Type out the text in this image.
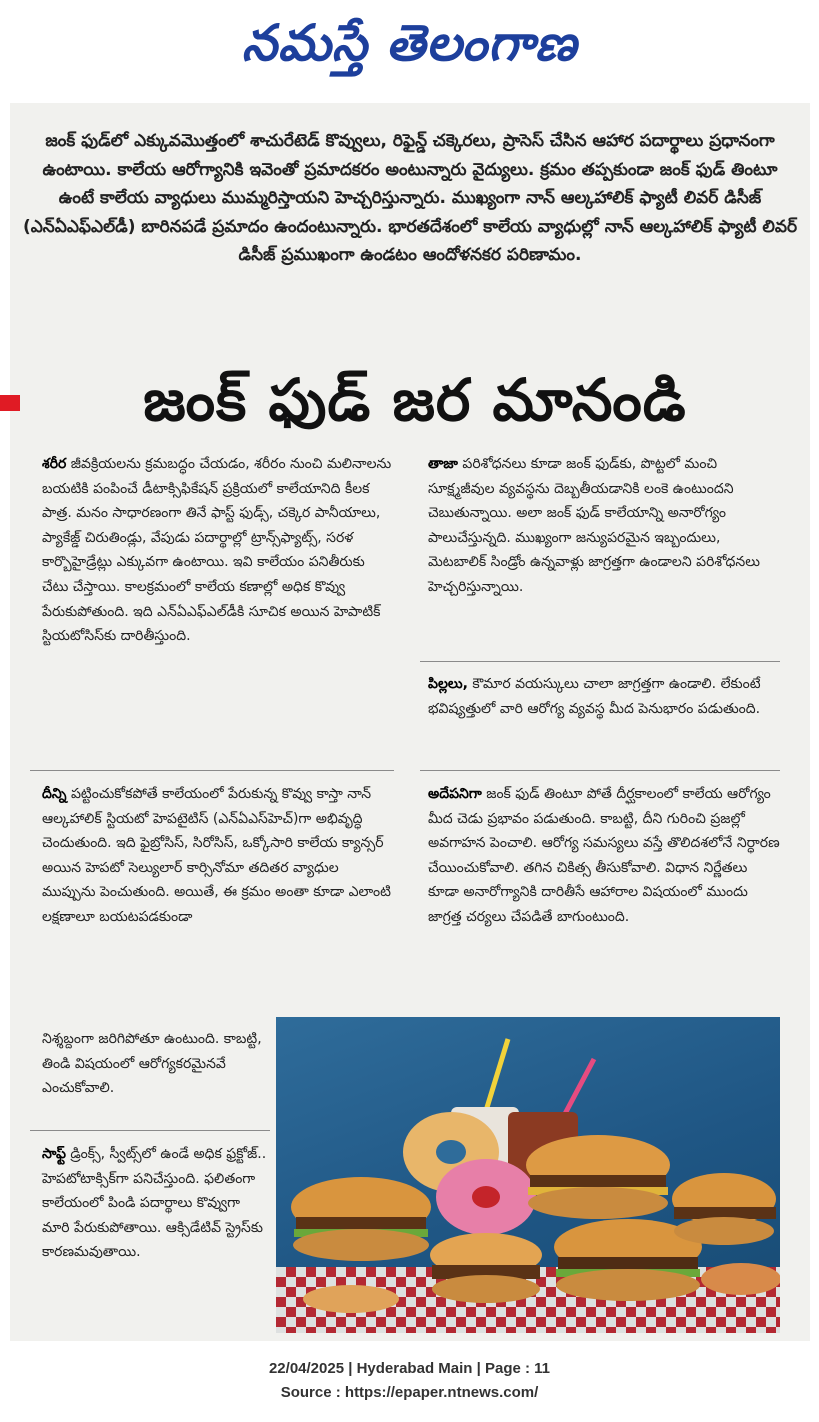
నమస్తే తెలంగాణ
జంక్ ఫుడ్‌లో ఎక్కువమొత్తంలో శాచురేటెడ్ కొవ్వులు, రిఫైన్డ్ చక్కెరలు, ప్రాసెస్ చేసిన ఆహార పదార్థాలు ప్రధానంగా ఉంటాయి. కాలేయ ఆరోగ్యానికి ఇవెంతో ప్రమాదకరం అంటున్నారు వైద్యులు. క్రమం తప్పకుండా జంక్ ఫుడ్ తింటూ ఉంటే కాలేయ వ్యాధులు ముమ్మరిస్తాయని హెచ్చరిస్తున్నారు. ముఖ్యంగా నాన్ ఆల్కహాలిక్ ఫ్యాటీ లివర్ డిసీజ్ (ఎన్ఏఎఫ్ఎల్‌డీ) బారినపడే ప్రమాదం ఉందంటున్నారు. భారతదేశంలో కాలేయ వ్యాధుల్లో నాన్ ఆల్కహాలిక్ ఫ్యాటీ లివర్ డిసీజ్ ప్రముఖంగా ఉండటం ఆందోళనకర పరిణామం.
జంక్ ఫుడ్ జర మానండి
శరీర జీవక్రియలను క్రమబద్ధం చేయడం, శరీరం నుంచి మలినాలను బయటికి పంపించే డీటాక్సిఫికేషన్ ప్రక్రియలో కాలేయానిది కీలక పాత్ర. మనం సాధారణంగా తినే ఫాస్ట్ ఫుడ్స్, చక్కెర పానీయాలు, ప్యాకేజ్డ్ చిరుతిండ్లు, వేపుడు పదార్థాల్లో ట్రాన్స్‌ఫ్యాట్స్, సరళ కార్బొహైడ్రేట్లు ఎక్కువగా ఉంటాయి. ఇవి కాలేయం పనితీరుకు చేటు చేస్తాయి. కాలక్రమంలో కాలేయ కణాల్లో అధిక కొవ్వు పేరుకుపోతుంది. ఇది ఎన్ఏఎఫ్ఎల్‌డీకి సూచిక అయిన హెపాటిక్ స్టియటోసిస్‌కు దారితీస్తుంది.
దీన్ని పట్టించుకోకపోతే కాలేయంలో పేరుకున్న కొవ్వు కాస్తా నాన్ ఆల్కహాలిక్ స్టియటో హెపటైటిస్ (ఎన్ఏఎస్‌హెచ్)గా అభివృద్ధి చెందుతుంది. ఇది ఫైబ్రోసిస్, సిరోసిస్, ఒక్కోసారి కాలేయ క్యాన్సర్ అయిన హెపటో సెల్యులార్ కార్సినోమా తదితర వ్యాధుల ముప్పును పెంచుతుంది. అయితే, ఈ క్రమం అంతా కూడా ఎలాంటి లక్షణాలూ బయటపడకుండా
నిశ్శబ్దంగా జరిగిపోతూ ఉంటుంది. కాబట్టి, తిండి విషయంలో ఆరోగ్యకరమైనవే ఎంచుకోవాలి.
సాఫ్ట్ డ్రింక్స్, స్వీట్స్‌లో ఉండే అధిక ఫ్రక్టోజ్.. హెపటోటాక్సిక్‌గా పనిచేస్తుంది. ఫలితంగా కాలేయంలో పిండి పదార్థాలు కొవ్వుగా మారి పేరుకుపోతాయి. ఆక్సిడేటివ్ స్ట్రెస్‌కు కారణమవుతాయి.
తాజా పరిశోధనలు కూడా జంక్ ఫుడ్‌కు, పొట్టలో మంచి సూక్ష్మజీవుల వ్యవస్థను దెబ్బతీయడానికి లంకె ఉంటుందని చెబుతున్నాయి. అలా జంక్ ఫుడ్ కాలేయాన్ని అనారోగ్యం పాలుచేస్తున్నది. ముఖ్యంగా జన్యుపరమైన ఇబ్బందులు, మెటబాలిక్ సిండ్రోం ఉన్నవాళ్లు జాగ్రత్తగా ఉండాలని పరిశోధనలు హెచ్చరిస్తున్నాయి.
పిల్లలు, కౌమార వయస్కులు చాలా జాగ్రత్తగా ఉండాలి. లేకుంటే భవిష్యత్తులో వారి ఆరోగ్య వ్యవస్థ మీద పెనుభారం పడుతుంది.
అదేపనిగా జంక్ ఫుడ్ తింటూ పోతే దీర్ఘకాలంలో కాలేయ ఆరోగ్యం మీద చెడు ప్రభావం పడుతుంది. కాబట్టి, దీని గురించి ప్రజల్లో అవగాహన పెంచాలి. ఆరోగ్య సమస్యలు వస్తే తొలిదశలోనే నిర్ధారణ చేయించుకోవాలి. తగిన చికిత్స తీసుకోవాలి. విధాన నిర్ణేతలు కూడా అనారోగ్యానికి దారితీసే ఆహారాల విషయంలో ముందు జాగ్రత్త చర్యలు చేపడితే బాగుంటుంది.
22/04/2025 | Hyderabad Main | Page : 11
Source : https://epaper.ntnews.com/
